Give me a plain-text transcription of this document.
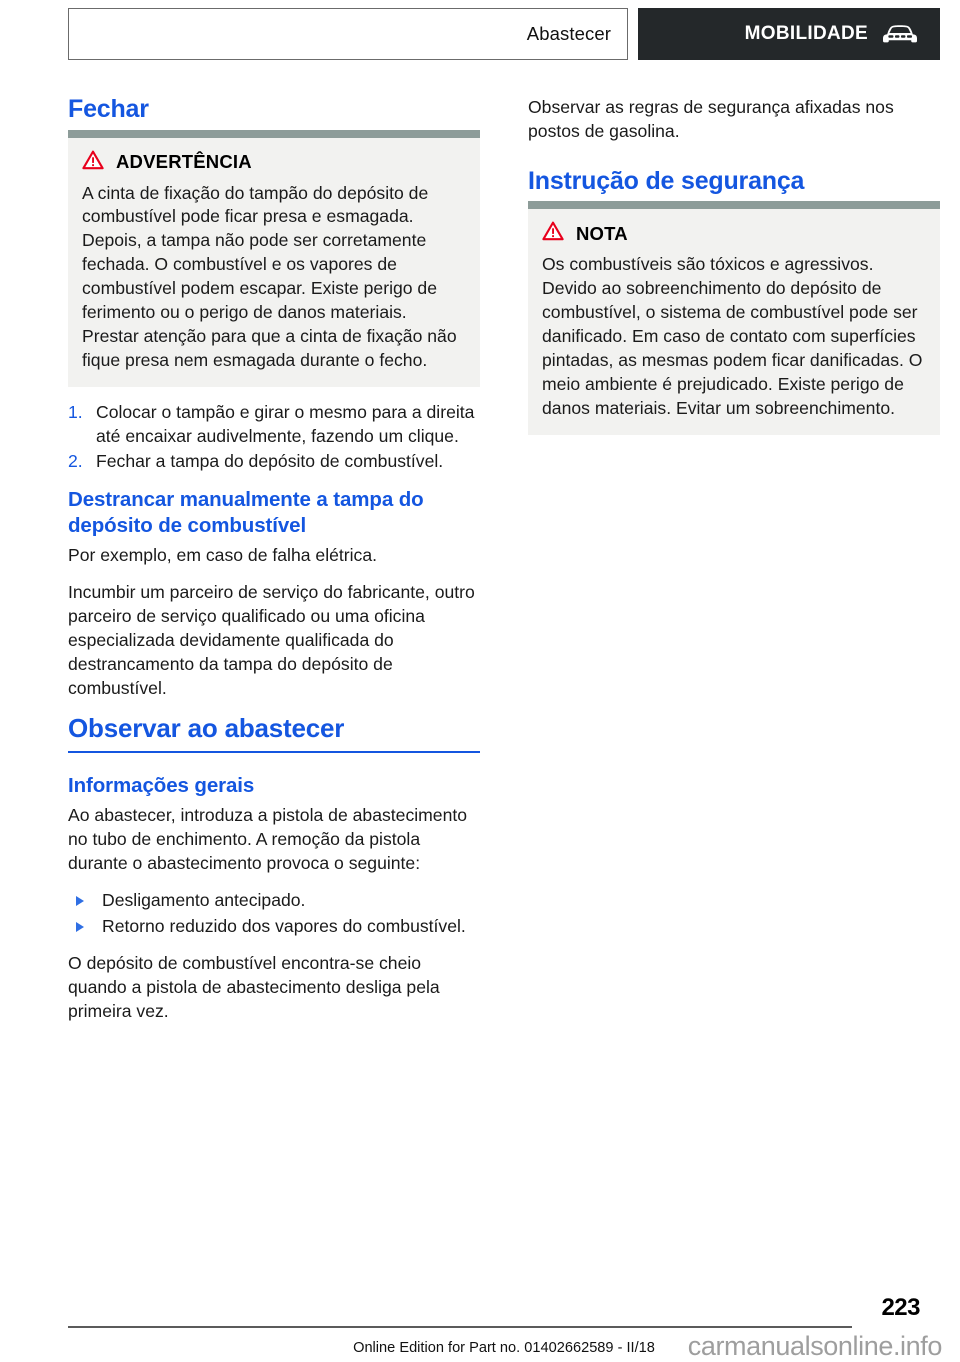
Abastecer	MOBILIDADE
Fechar
ADVERTÊNCIA

A cinta de fixação do tampão do depósito de combustível pode ficar presa e esmagada. Depois, a tampa não pode ser corretamente fechada. O combustível e os vapores de combustível podem escapar. Existe perigo de ferimento ou o perigo de danos materiais. Prestar atenção para que a cinta de fixação não fique presa nem esmagada durante o fecho.

1. Colocar o tampão e girar o mesmo para a direita até encaixar audivelmente, fazendo um clique.
2. Fechar a tampa do depósito de combustível.
Destrancar manualmente a tampa do depósito de combustível

Por exemplo, em caso de falha elétrica.

Incumbir um parceiro de serviço do fabricante, outro parceiro de serviço qualificado ou uma oficina especializada devidamente qualificada do destrancamento da tampa do depósito de combustível.

Observar ao abastecer
Informações gerais

Ao abastecer, introduza a pistola de abastecimento no tubo de enchimento. A remoção da pistola durante o abastecimento provoca o seguinte:

Desligamento antecipado.
Retorno reduzido dos vapores do combustível.

O depósito de combustível encontra-se cheio quando a pistola de abastecimento desliga pela primeira vez.

Observar as regras de segurança afixadas nos postos de gasolina.

Instrução de segurança
NOTA

Os combustíveis são tóxicos e agressivos. Devido ao sobreenchimento do depósito de combustível, o sistema de combustível pode ser danificado. Em caso de contato com superfícies pintadas, as mesmas podem ficar danificadas. O meio ambiente é prejudicado. Existe perigo de danos materiais. Evitar um sobreenchimento.

223
Online Edition for Part no. 01402662589 - II/18	carmanualsonline.info
